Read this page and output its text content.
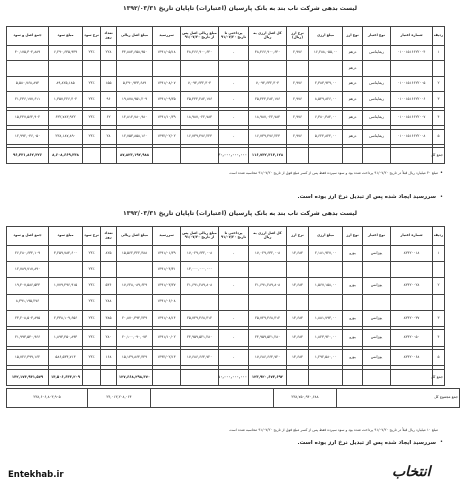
لیست بدهی شرکت ناب بند به بانک پارسیان (اعتبارات) تاپایان تاریخ ۱۳۹۲/۰۳/۳۱
ردیف	شماره اعتبار	نوع اعتبار	نوع ارز	مبلغ ارزی	نرخ ارز (ریال)	کل اصل ارزی به ریال	پرداختی تا تاریخ ۹۱/۰۷/۲۰	مبلغ ریالی اصل پس از تاریخ ۹۱/۰۷/۲۰	سررسید	مبلغ اصل ریالی	تعداد روز	نرخ سود	مبلغ سود	جمع اصل و سود
۱	۰۱۰۰۱۵۱۶۶۲۲۰۰۴	ریفاینانس	درهم	۱۶,۲۸۸,۰۵۵,۰۰	۲,۹۷۶	۴۸,۴۶۶,۹۰۰,۶۴۰	-	۴۸,۴۶۶,۹۰۰,۶۴۰	۱۳۹۱/۰۵/۱۸	۳۴,۸۸۴,۶۵۸,۹۵۰	۲۲۸	۲۴٪	۶,۲۹۰,۶۴۵,۹۳۹	۴۰,۱۷۵,۳۰۴,۸۸۹
			درهم											
۲	۰۱۰۰۱۵۱۶۶۲۲۰۰۵	ریفاینانس	درهم	۲,۳۸۳,۹۴۹,۰۰	۲,۹۷۶	۷,۰۹۴,۶۳۲,۳۰۴	-	۷,۰۹۴,۶۳۲,۳۰۴	۱۳۹۱/۰۸/۰۷	۵,۴۹۰,۹۴۳,۶۸۹	۱۵۵	۲۴٪	۸۹,۸۲۵,۱۸۵	۵,۵۸۰,۷۶۸,۸۷۴
۳	۰۱۰۰۱۵۱۶۶۲۲۰۰۶	ریفاینانس	درهم	۸,۵۴۹,۸۲۶,۰۰	۲,۹۷۶	۲۵,۴۴۴,۲۸۲,۱۷۶	-	۲۵,۴۴۴,۲۸۲,۱۷۶	۱۳۹۱/۰۹/۲۵	۱۹,۸۷۸,۹۵۱,۲۰۹	۹۶	۲۴٪	۱,۳۵۷,۲۲۶,۴۰۲	۲۱,۲۳۶,۱۷۷,۶۱۱

۴	۰۱۰۰۱۵۱۶۶۲۲۰۰۷	ریفاینانس	درهم	۶,۳۸۰,۳۸۴,۰۰	۲,۹۷۶	۱۸,۹۸۷,۰۲۲,۷۸۴	-	۱۸,۹۸۷,۰۲۲,۷۸۴	۱۳۹۱/۱۰/۲۹	۱۴,۸۱۴,۷۸۰,۹۸۰	۶۲	۲۴٪	۶۳۲,۷۸۳,۹۲۲	۱۵,۴۴۷,۵۶۴,۹۰۲

۵	۰۱۰۰۱۵۱۶۶۲۲۰۰۸	ریفاینانس	درهم	۵,۶۲۴,۸۲۴,۰۰	۲,۹۷۶	۱۶,۷۳۹,۴۷۶,۲۲۴	-	۱۶,۷۳۹,۴۷۶,۲۲۴	۱۳۹۲/۰۲/۰۲	۱۲,۷۵۳,۸۵۸,۱۶۰	۲۸	۲۴٪	۲۳۸,۱۸۷,۸۹۰	۱۲,۹۹۲,۰۴۶,۰۵۰

جمع کل						۱۱۶,۷۳۲,۳۱۴,۱۲۸	۳۰,۰۰۰,۰۰۰,۰۰۰			۸۷,۸۲۳,۱۹۲,۹۸۸			۸,۶۰۸,۶۶۹,۳۳۸	۹۶,۴۳۱,۸۶۲,۳۲۶
•
مبلغ ۳۰ میلیارد ریال قبلاً در تاریخ ۹۱/۰۷/۲۰ پرداخت شده بود و سود سپرده فقط پس از کسر مبلغ فوق از تاریخ ۹۱/۰۷/۲۰ محاسبه شده است
•
سررسید ایجاد شده پس از تبدیل نرخ ارز بوده است.
لیست بدهی شرکت ناب بند به بانک پارسیان (اعتبارات) تاپایان تاریخ ۱۳۹۲/۰۳/۳۱
ردیف	شماره اعتبار	نوع اعتبار	نوع ارز	مبلغ ارزی	نرخ ارز	کل اصل ارزی به ریال	پرداختی تا تاریخ ۹۱/۰۷/۲۰	مبلغ ریالی اصل پس از تاریخ ۹۱/۰۷/۲۰	سررسید	مبلغ اصل ریالی	تعداد روز	نرخ سود	مبلغ سود	جمع اصل و سود
۱	۸۳۴۲۰۰۱۸	یوزانس	یورو	۲,۱۸۱,۹۲۷,۰۰	۱۳,۶۸۴	۱۷,۰۲۹,۶۳۲,۰۰۸	-	۱۷,۰۲۹,۶۳۲,۰۰۸	۱۳۹۱/۰۱/۲۹	۱۵,۵۶۲,۳۲۲,۳۸۸	۸۲۵	۲۴٪	۳,۲۵۹,۷۸۴,۶۰۰	۲۶,۲۸۰,۶۳۴,۱۰۹
								۱۳,۰۰۰,۰۰۰,۰۰۰	۱۳۹۱/۰۴/۳۱			۲۴٪		۱۲,۷۸۹,۷۱۷,۸۹۰
۲	۸۳۴۲۰۰۲۸	یوزانس	یورو	۱,۵۶۷,۱۵۸,۰۰	۱۳,۶۸۴	۲۱,۶۹۱,۲۸۹,۸۰۸	-	۲۱,۶۹۱,۲۸۹,۸۰۸	۱۳۹۱/۰۳/۲۷	۱۷,۶۲۸,۰۸۹,۶۲۹	۵۳۶	۲۴٪	۱,۷۷۹,۴۹۶,۹۱۵	۱۹,۴۰۷,۵۸۶,۵۴۴
									۱۳۹۱/۰۶/۰۸		۲۸۸	۲۴٪		۸,۳۹۱,۱۹۵,۲۷۶
۳	۸۳۴۲۰۰۳۷	یوزانس	یورو	۱,۸۸۱,۷۹۳,۰۰	۱۳,۶۸۴	۲۵,۷۴۹,۴۶۸,۴۱۲	-	۲۵,۷۴۹,۴۶۸,۴۱۲	۱۳۹۱/۰۸/۱۴	۲۰,۸۷۰,۳۹۴,۲۳۹	۳۸۵	۲۴٪	۲,۳۳۸,۱۰۹,۶۵۶	۲۳,۲۰۸,۵۰۳,۸۹۵

۴	۸۳۴۲۰۰۵۰	یوزانس	یورو	۱,۸۲۳,۹۲۰,۰۰	۱۳,۶۸۴	۲۴,۹۵۹,۵۲۱,۲۸۰	-	۲۴,۹۵۹,۵۲۱,۲۸۰	۱۳۹۱/۱۰/۰۲	۲۰,۱۰۰,۰۹۰,۰۷۳	۲۸۰	۲۴٪	۱,۸۹۳,۴۵۰,۸۹۳	۲۱,۹۹۳,۵۴۰,۹۶۶

۵	۸۳۴۲۰۰۶۸	یوزانس	یورو	۱,۲۹۲,۵۸۰,۰۰	۱۳,۶۸۴	۱۷,۶۸۶,۶۶۴,۷۲۰	-	۱۷,۶۸۶,۶۶۴,۷۲۰	۱۳۹۲/۰۲/۱۳	۱۵,۱۳۹,۸۶۴,۴۴۹	۱۶۸	۲۴٪	۵۸۶,۵۳۴,۷۱۳	۱۵,۷۲۶,۳۹۹,۱۶۲

جمع کل						۱۲۳,۹۲۰,۶۷۳,۶۹۲	۱۰,۰۰۰,۰۰۰,۰۰۰			۱۲۷,۶۶۸,۲۹۸,۳۷۰			۱۴,۵۰۶,۶۴۳,۲۰۹	۱۴۲,۱۷۴,۹۴۱,۵۷۹
جمع مجموع کل	۲۳۸,۷۵۰,۹۴۰,۶۸۸		۲۴,۰۱۳,۲۰۸,۰۶۴	۲۳۸,۶۰۶,۸۰۳,۹۰۵
مبلغ ۱۰ میلیارد ریال قبلاً در تاریخ ۹۱/۰۷/۲۰ پرداخت شده بود و سود سپرده فقط پس از کسر مبلغ فوق از تاریخ ۹۱/۰۷/۲۰ محاسبه شده است
•
سررسید ایجاد شده پس از تبدیل نرخ ارز بوده است.
Entekhab.ir	انتخاب
